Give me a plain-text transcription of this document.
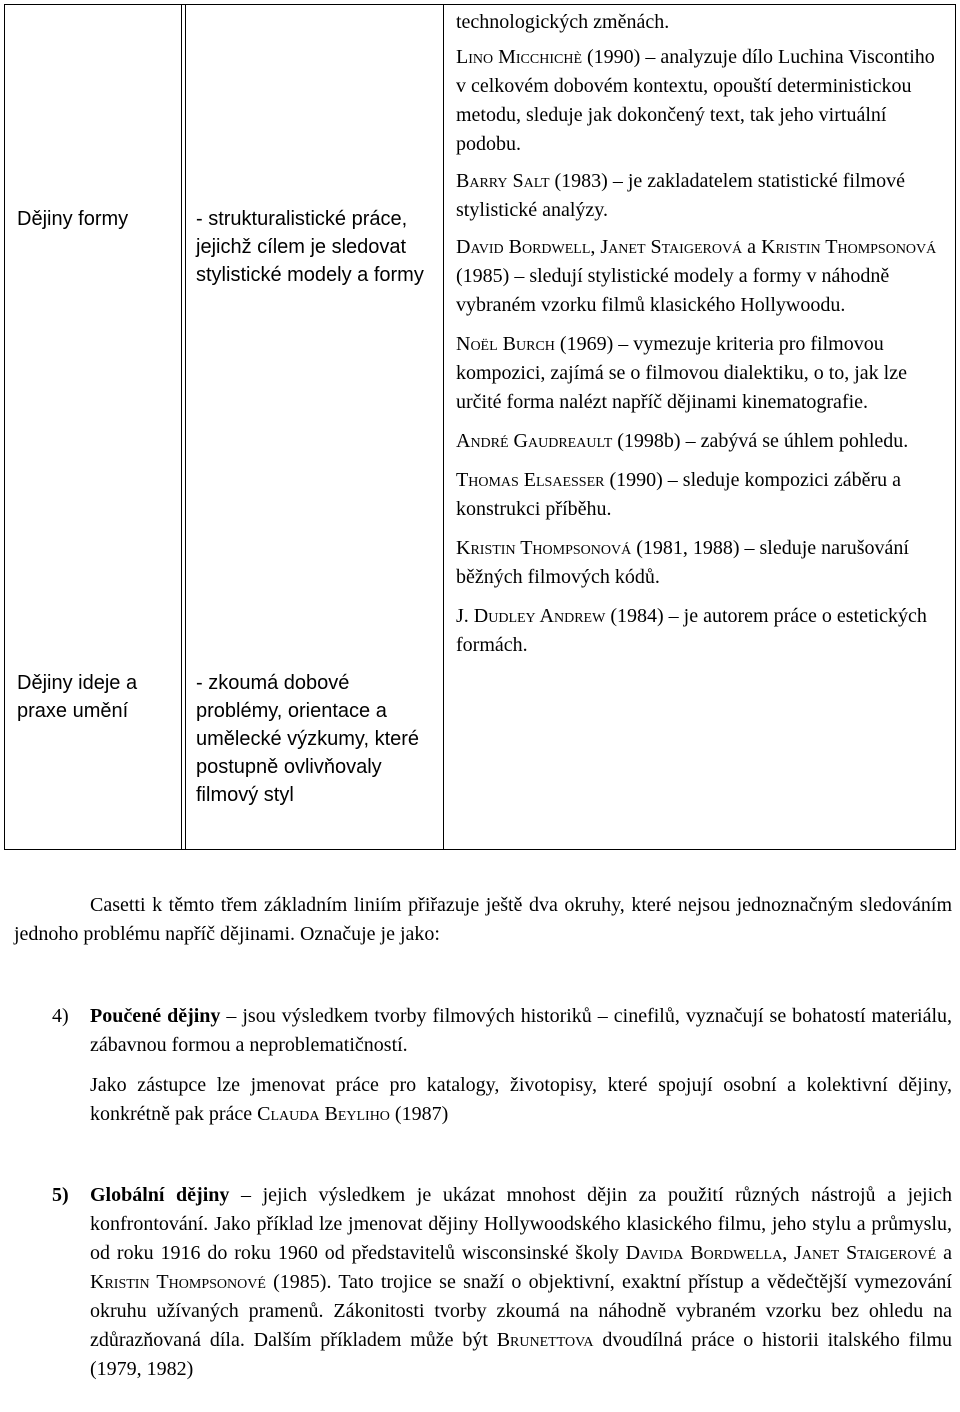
Dějiny formy	- strukturalistické práce, jejichž cílem je sledovat stylistické modely a formy
Dějiny ideje a praxe umění
- zkoumá dobové problémy, orientace a umělecké výzkumy, které postupně ovlivňovaly filmový styl

technologických změnách.

Lino Micchichè (1990) – analyzuje dílo Luchina Viscontiho v celkovém dobovém kontextu, opouští deterministickou metodu, sleduje jak dokončený text, tak jeho virtuální podobu.

Barry Salt (1983) – je zakladatelem statistické filmové stylistické analýzy.

David Bordwell, Janet Staigerová a Kristin Thompsonová (1985) – sledují stylistické modely a formy v náhodně vybraném vzorku filmů klasického Hollywoodu.

Noël Burch (1969) – vymezuje kriteria pro filmovou kompozici, zajímá se o filmovou dialektiku, o to, jak lze určité forma nalézt napříč dějinami kinematografie.

André Gaudreault (1998b) – zabývá se úhlem pohledu.

Thomas Elsaesser (1990) – sleduje kompozici záběru a konstrukci příběhu.

Kristin Thompsonová (1981, 1988) – sleduje narušování běžných filmových kódů.

J. Dudley Andrew (1984) – je autorem práce o estetických formách.

Casetti k těmto třem základním liniím přiřazuje ještě dva okruhy, které nejsou jednoznačným sledováním jednoho problému napříč dějinami. Označuje je jako:
4) Poučené dějiny – jsou výsledkem tvorby filmových historiků – cinefilů, vyznačují se bohatostí materiálu, zábavnou formou a neproblematičností.
Jako zástupce lze jmenovat práce pro katalogy, životopisy, které spojují osobní a kolektivní dějiny, konkrétně pak práce Clauda Beyliho (1987)
5) Globální dějiny – jejich výsledkem je ukázat mnohost dějin za použití různých nástrojů a jejich konfrontování. Jako příklad lze jmenovat dějiny Hollywoodského klasického filmu, jeho stylu a průmyslu, od roku 1916 do roku 1960 od představitelů wisconsinské školy Davida Bordwella, Janet Staigerové a Kristin Thompsonové (1985). Tato trojice se snaží o objektivní, exaktní přístup a vědečtější vymezování okruhu užívaných pramenů. Zákonitosti tvorby zkoumá na náhodně vybraném vzorku bez ohledu na zdůrazňovaná díla. Dalším příkladem může být Brunettova dvoudílná práce o historii italského filmu (1979, 1982)
